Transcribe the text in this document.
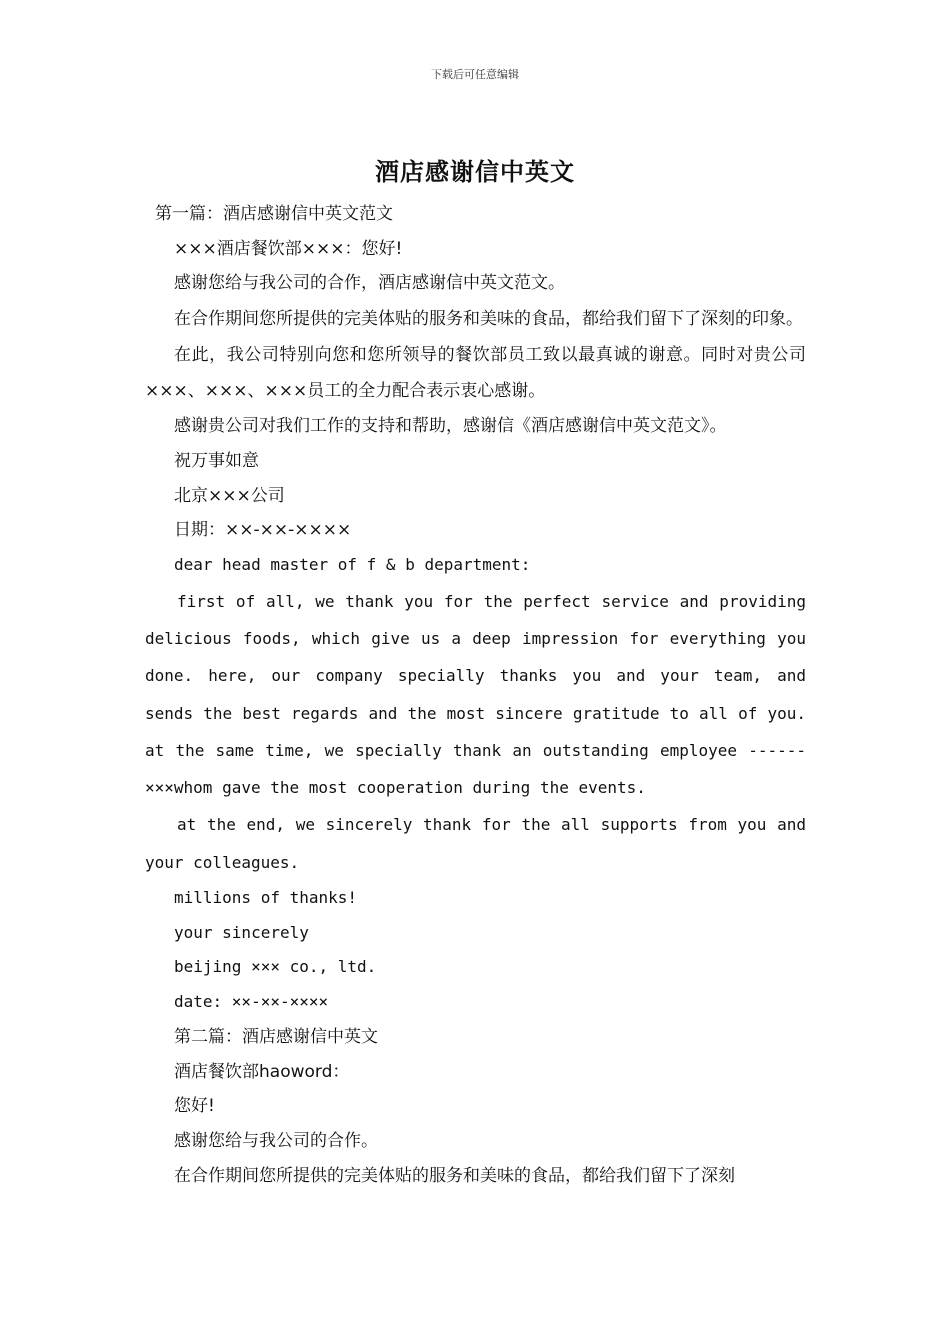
下载后可任意编辑
酒店感谢信中英文
第一篇：酒店感谢信中英文范文
×××酒店餐饮部×××：您好!
感谢您给与我公司的合作，酒店感谢信中英文范文。
在合作期间您所提供的完美体贴的服务和美味的食品，都给我们留下了深刻的印象。
在此，我公司特别向您和您所领导的餐饮部员工致以最真诚的谢意。同时对贵公司×××、×××、×××员工的全力配合表示衷心感谢。
感谢贵公司对我们工作的支持和帮助，感谢信《酒店感谢信中英文范文》。
祝万事如意
北京×××公司
日期：××-××-××××
dear head master of f & b department:
first of all, we thank you for the perfect service and providing delicious foods, which give us a deep impression for everything you done. here, our company specially thanks you and your team, and sends the best regards and the most sincere gratitude to all of you. at the same time, we specially thank an outstanding employee ------×××whom gave the most cooperation during the events.
at the end, we sincerely thank for the all supports from you and your colleagues.
millions of thanks!
your sincerely
beijing ××× co., ltd.
date: ××-××-××××
第二篇：酒店感谢信中英文
酒店餐饮部haoword：
您好!
感谢您给与我公司的合作。
在合作期间您所提供的完美体贴的服务和美味的食品，都给我们留下了深刻
